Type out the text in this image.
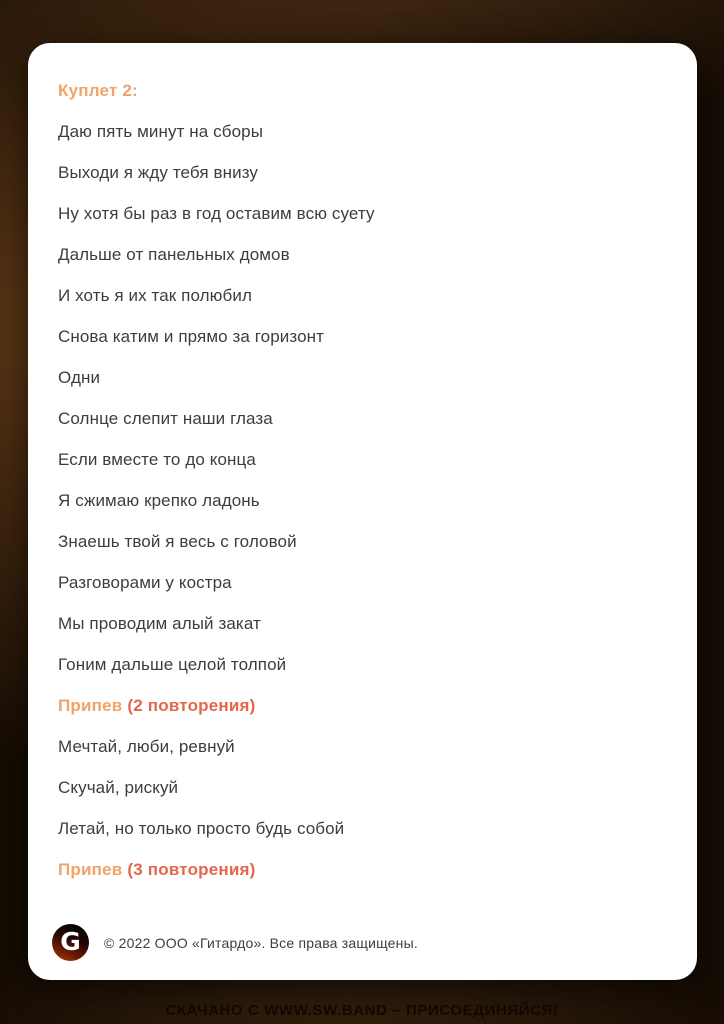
Куплет 2:
Даю пять минут на сборы
Выходи я жду тебя внизу
Ну хотя бы раз в год оставим всю суету
Дальше от панельных домов
И хоть я их так полюбил
Снова катим и прямо за горизонт
Одни
Солнце слепит наши глаза
Если вместе то до конца
Я сжимаю крепко ладонь
Знаешь твой я весь с головой
Разговорами у костра
Мы проводим алый закат
Гоним дальше целой толпой
Припев (2 повторения)
Мечтай, люби, ревнуй
Скучай, рискуй
Летай, но только просто будь собой
Припев (3 повторения)
G © 2022 ООО «Гитардо». Все права защищены.
СКАЧАНО С WWW.SW.BAND – ПРИСОЕДИНЯЙСЯ!
